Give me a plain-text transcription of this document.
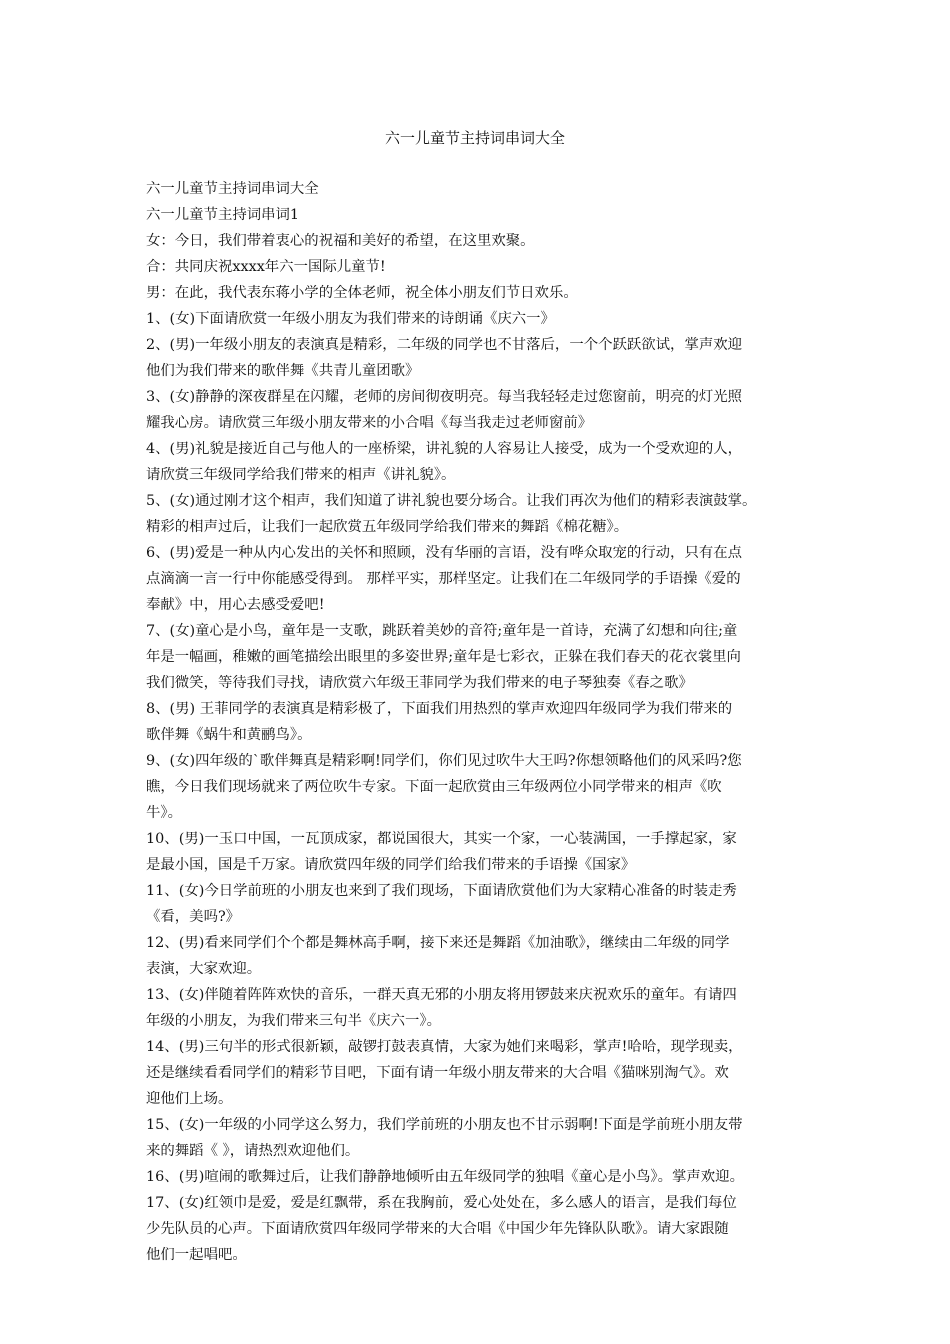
六一儿童节主持词串词大全
六一儿童节主持词串词大全
六一儿童节主持词串词1
女：今日，我们带着衷心的祝福和美好的希望，在这里欢聚。
合：共同庆祝xxxx年六一国际儿童节!
男：在此，我代表东蒋小学的全体老师，祝全体小朋友们节日欢乐。
1、(女)下面请欣赏一年级小朋友为我们带来的诗朗诵《庆六一》
2、(男)一年级小朋友的表演真是精彩，二年级的同学也不甘落后，一个个跃跃欲试，掌声欢迎
他们为我们带来的歌伴舞《共青儿童团歌》
3、(女)静静的深夜群星在闪耀，老师的房间彻夜明亮。每当我轻轻走过您窗前，明亮的灯光照
耀我心房。请欣赏三年级小朋友带来的小合唱《每当我走过老师窗前》
4、(男)礼貌是接近自己与他人的一座桥梁，讲礼貌的人容易让人接受，成为一个受欢迎的人，
请欣赏三年级同学给我们带来的相声《讲礼貌》。
5、(女)通过刚才这个相声，我们知道了讲礼貌也要分场合。让我们再次为他们的精彩表演鼓掌。
精彩的相声过后，让我们一起欣赏五年级同学给我们带来的舞蹈《棉花糖》。
6、(男)爱是一种从内心发出的关怀和照顾，没有华丽的言语，没有哗众取宠的行动，只有在点
点滴滴一言一行中你能感受得到。 那样平实，那样坚定。让我们在二年级同学的手语操《爱的
奉献》中，用心去感受爱吧!
7、(女)童心是小鸟，童年是一支歌，跳跃着美妙的音符;童年是一首诗，充满了幻想和向往;童
年是一幅画，稚嫩的画笔描绘出眼里的多姿世界;童年是七彩衣，正躲在我们春天的花衣裳里向
我们微笑，等待我们寻找，请欣赏六年级王菲同学为我们带来的电子琴独奏《春之歌》
8、(男) 王菲同学的表演真是精彩极了，下面我们用热烈的掌声欢迎四年级同学为我们带来的
歌伴舞《蜗牛和黄鹂鸟》。
9、(女)四年级的`歌伴舞真是精彩啊!同学们，你们见过吹牛大王吗?你想领略他们的风采吗?您
瞧，今日我们现场就来了两位吹牛专家。下面一起欣赏由三年级两位小同学带来的相声《吹
牛》。
10、(男)一玉口中国，一瓦顶成家，都说国很大，其实一个家，一心装满国，一手撑起家，家
是最小国，国是千万家。请欣赏四年级的同学们给我们带来的手语操《国家》
11、(女)今日学前班的小朋友也来到了我们现场，下面请欣赏他们为大家精心准备的时装走秀
《看，美吗?》
12、(男)看来同学们个个都是舞林高手啊，接下来还是舞蹈《加油歌》，继续由二年级的同学
表演，大家欢迎。
13、(女)伴随着阵阵欢快的音乐，一群天真无邪的小朋友将用锣鼓来庆祝欢乐的童年。有请四
年级的小朋友，为我们带来三句半《庆六一》。
14、(男)三句半的形式很新颖，敲锣打鼓表真情，大家为她们来喝彩，掌声!哈哈，现学现卖，
还是继续看看同学们的精彩节目吧，下面有请一年级小朋友带来的大合唱《猫咪别淘气》。欢
迎他们上场。
15、(女)一年级的小同学这么努力，我们学前班的小朋友也不甘示弱啊!下面是学前班小朋友带
来的舞蹈《 》，请热烈欢迎他们。
16、(男)喧闹的歌舞过后，让我们静静地倾听由五年级同学的独唱《童心是小鸟》。掌声欢迎。
17、(女)红领巾是爱，爱是红飘带，系在我胸前，爱心处处在，多么感人的语言，是我们每位
少先队员的心声。下面请欣赏四年级同学带来的大合唱《中国少年先锋队队歌》。请大家跟随
他们一起唱吧。
